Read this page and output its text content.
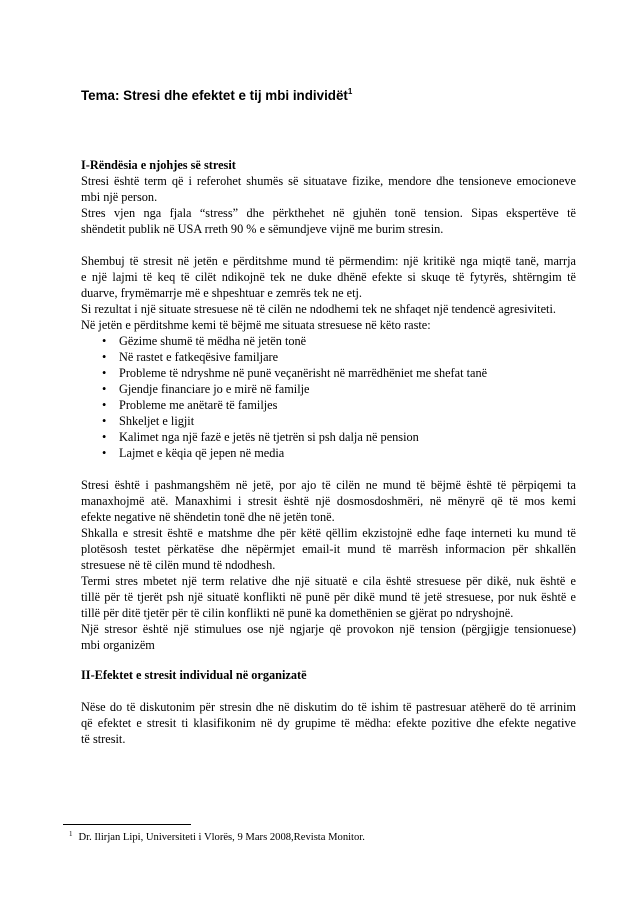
Tema: Stresi dhe efektet e tij mbi individët$^1$
I-Rëndësia e njohjes së stresit
Stresi është term që i referohet shumës së situatave fizike, mendore dhe tensioneve emocioneve
mbi një person.
Stres vjen nga fjala “stress” dhe përkthehet në gjuhën tonë tension. Sipas ekspertëve të
shëndetit publik në USA rreth 90 % e sëmundjeve vijnë me burim stresin.
Shembuj të stresit në jetën e përditshme mund të përmendim: një kritikë nga miqtë tanë, marrja
e një lajmi të keq të cilët ndikojnë tek ne duke dhënë efekte si skuqe të fytyrës, shtërngim të
duarve, frymëmarrje më e shpeshtuar e zemrës tek ne etj.
Si rezultat i një situate stresuese në të cilën ne ndodhemi tek ne shfaqet një tendencë agresiviteti.
Në jetën e përditshme kemi të bëjmë me situata stresuese në këto raste:
• Gëzime shumë të mëdha në jetën tonë
• Në rastet e fatkeqësive familjare
• Probleme të ndryshme në punë veçanërisht në marrëdhëniet me shefat tanë
• Gjendje financiare jo e mirë në familje
• Probleme me anëtarë të familjes
• Shkeljet e ligjit
• Kalimet nga një fazë e jetës në tjetrën si psh dalja në pension
• Lajmet e këqia që jepen në media
Stresi është i pashmangshëm në jetë, por ajo të cilën ne mund të bëjmë është të përpiqemi ta
manaxhojmë atë. Manaxhimi i stresit është një dosmosdoshmëri, në mënyrë që të mos kemi
efekte negative në shëndetin tonë dhe në jetën tonë.
Shkalla e stresit është e matshme dhe për këtë qëllim ekzistojnë edhe faqe interneti ku mund të
plotësosh testet përkatëse dhe nëpërmjet email-it mund të marrësh informacion për shkallën
stresuese në të cilën mund të ndodhesh.
Termi stres mbetet një term relative dhe një situatë e cila është stresuese për dikë, nuk është e
tillë për të tjerët psh një situatë konflikti në punë për dikë mund të jetë stresuese, por nuk është e
tillë për ditë tjetër për të cilin konflikti në punë ka domethënien se gjërat po ndryshojnë.
Një stresor është një stimulues ose një ngjarje që provokon një tension (përgjigje tensionuese)
mbi organizëm
II-Efektet e stresit individual në organizatë
Nëse do të diskutonim për stresin dhe në diskutim do të ishim të pastresuar atëherë do të arrinim
që efektet e stresit ti klasifikonim në dy grupime të mëdha: efekte pozitive dhe efekte negative
të stresit.
$^1$ Dr. Ilirjan Lipi, Universiteti i Vlorës, 9 Mars 2008,Revista Monitor.
